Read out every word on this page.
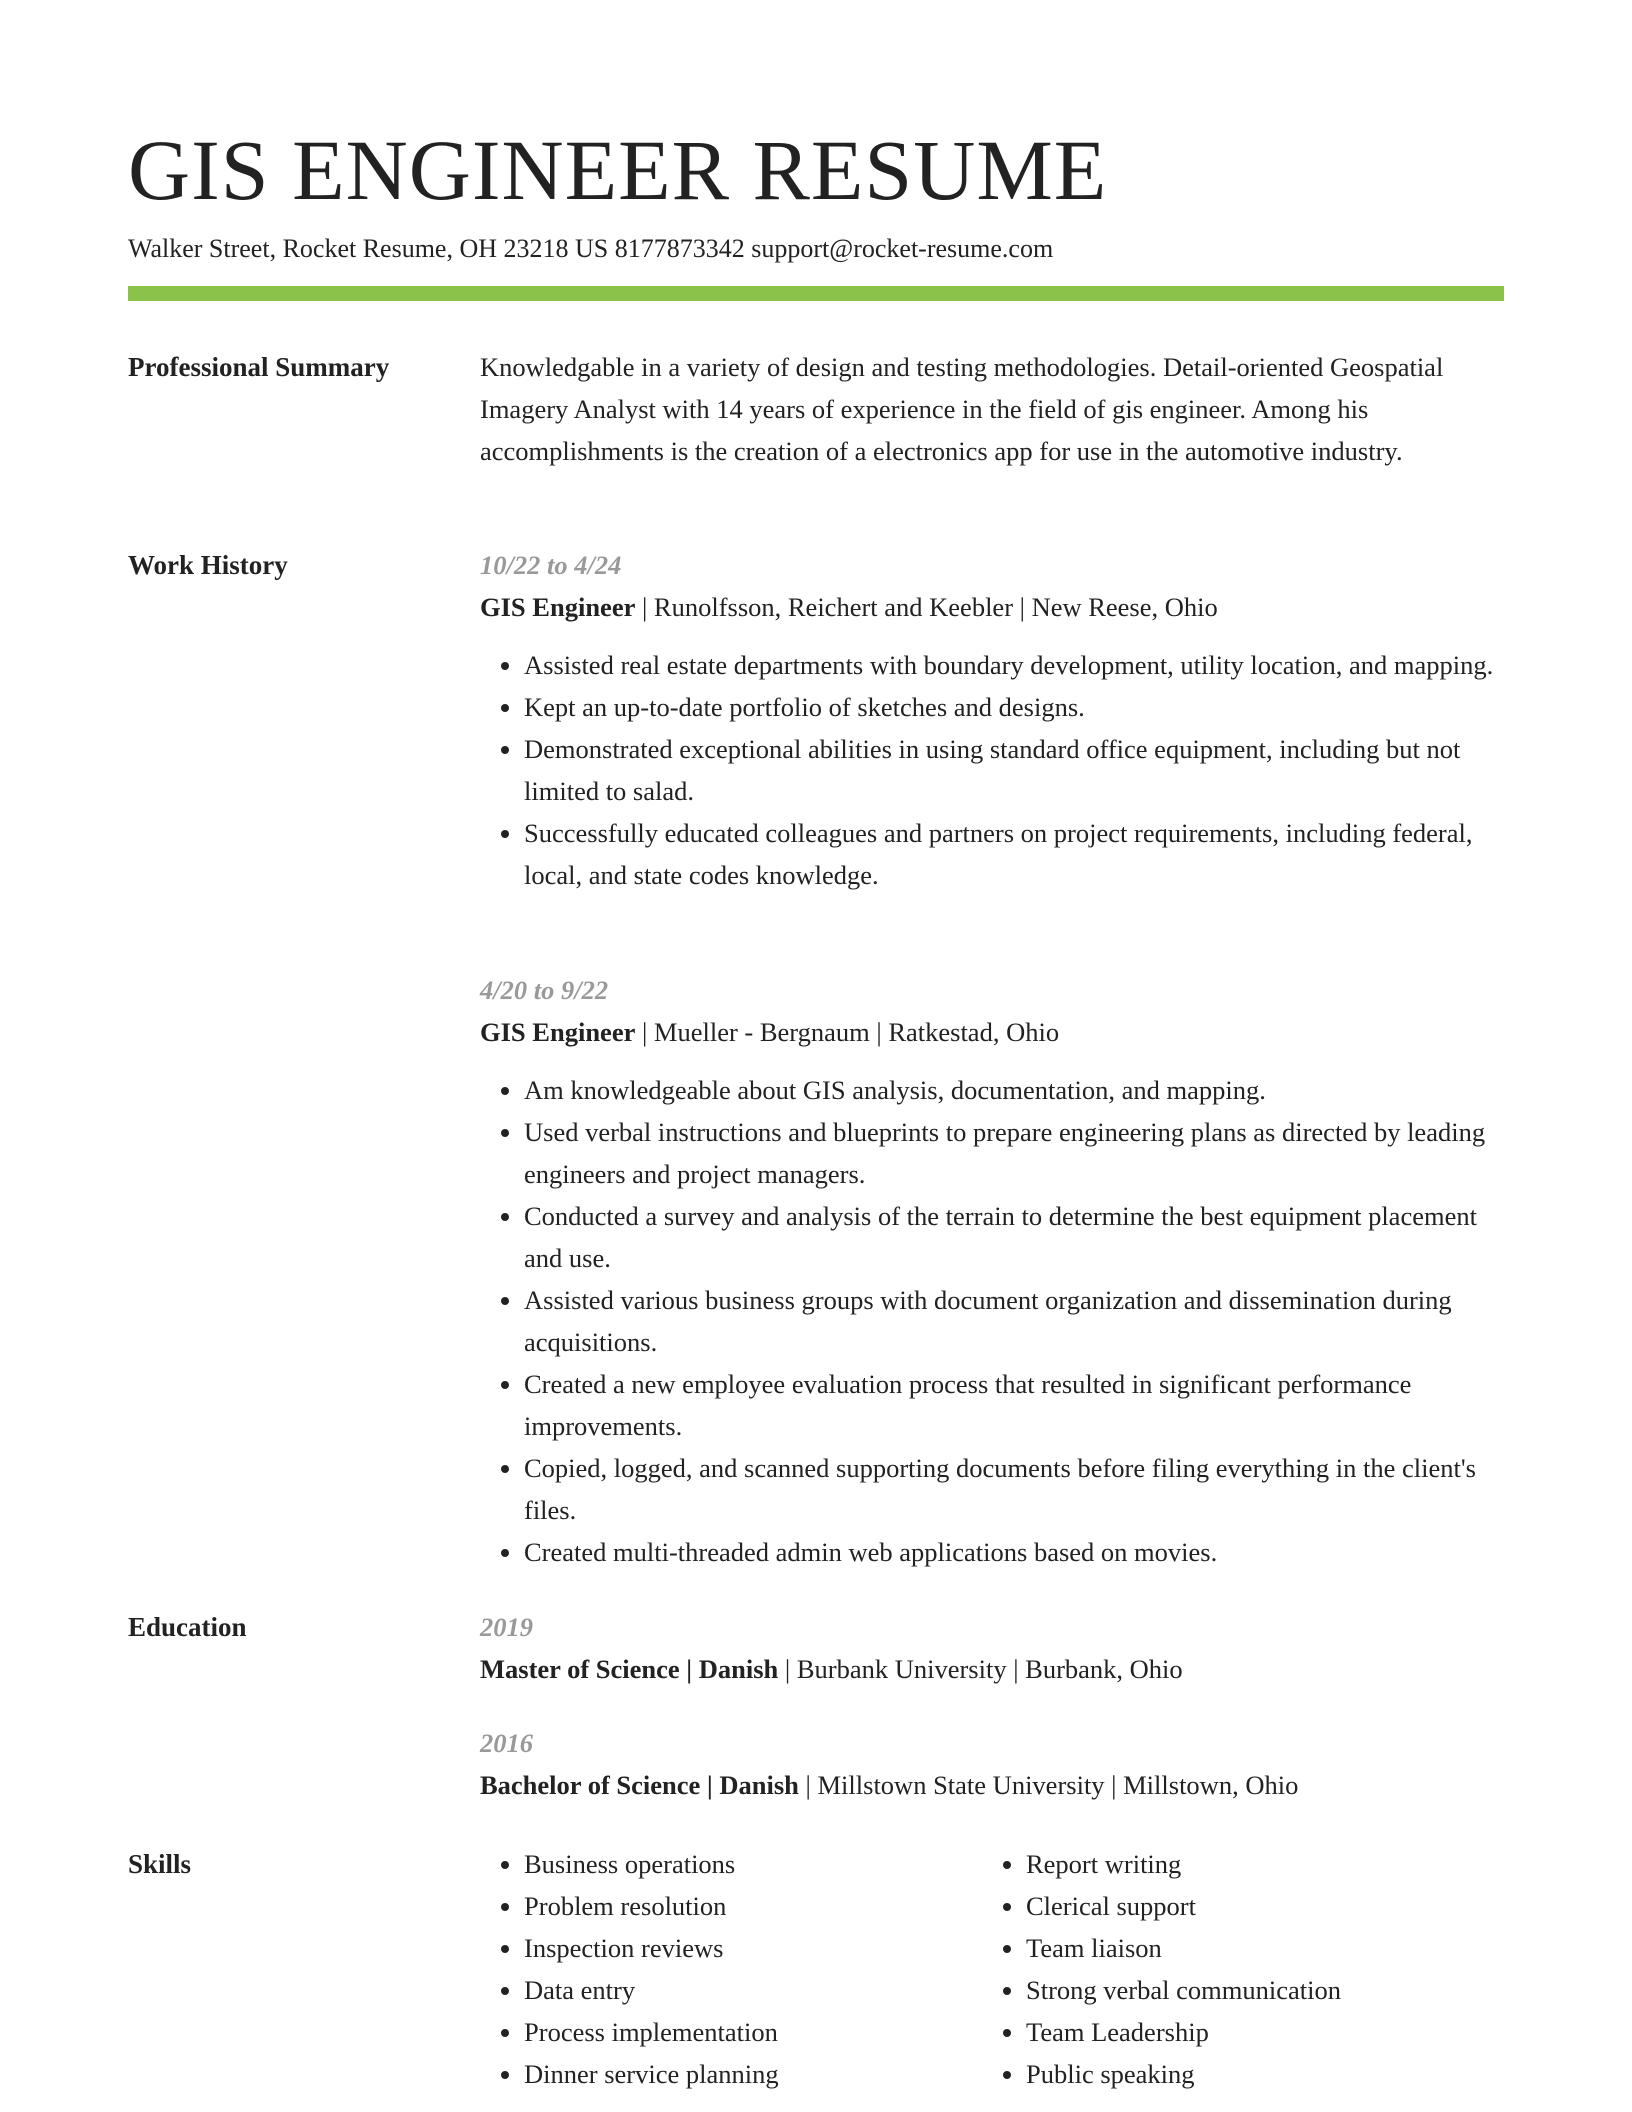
GIS ENGINEER RESUME
Walker Street, Rocket Resume, OH 23218 US 8177873342 support@rocket-resume.com
Professional Summary	Knowledgable in a variety of design and testing methodologies. Detail-oriented Geospatial Imagery Analyst with 14 years of experience in the field of gis engineer. Among his accomplishments is the creation of a electronics app for use in the automotive industry.

Work History	10/22 to 4/24
GIS Engineer | Runolfsson, Reichert and Keebler | New Reese, Ohio
• Assisted real estate departments with boundary development, utility location, and mapping.
• Kept an up-to-date portfolio of sketches and designs.
• Demonstrated exceptional abilities in using standard office equipment, including but not limited to salad.
• Successfully educated colleagues and partners on project requirements, including federal, local, and state codes knowledge.
4/20 to 9/22
GIS Engineer | Mueller - Bergnaum | Ratkestad, Ohio
• Am knowledgeable about GIS analysis, documentation, and mapping.
• Used verbal instructions and blueprints to prepare engineering plans as directed by leading engineers and project managers.
• Conducted a survey and analysis of the terrain to determine the best equipment placement and use.
• Assisted various business groups with document organization and dissemination during acquisitions.
• Created a new employee evaluation process that resulted in significant performance improvements.
• Copied, logged, and scanned supporting documents before filing everything in the client's files.
• Created multi-threaded admin web applications based on movies.
Education	2019
Master of Science | Danish | Burbank University | Burbank, Ohio
2016
Bachelor of Science | Danish | Millstown State University | Millstown, Ohio
Skills
•	Business operations
• Problem resolution
• Inspection reviews
• Data entry
• Process implementation
• Dinner service planning
• Report writing
• Clerical support
• Team liaison
• Strong verbal communication
• Team Leadership
• Public speaking
